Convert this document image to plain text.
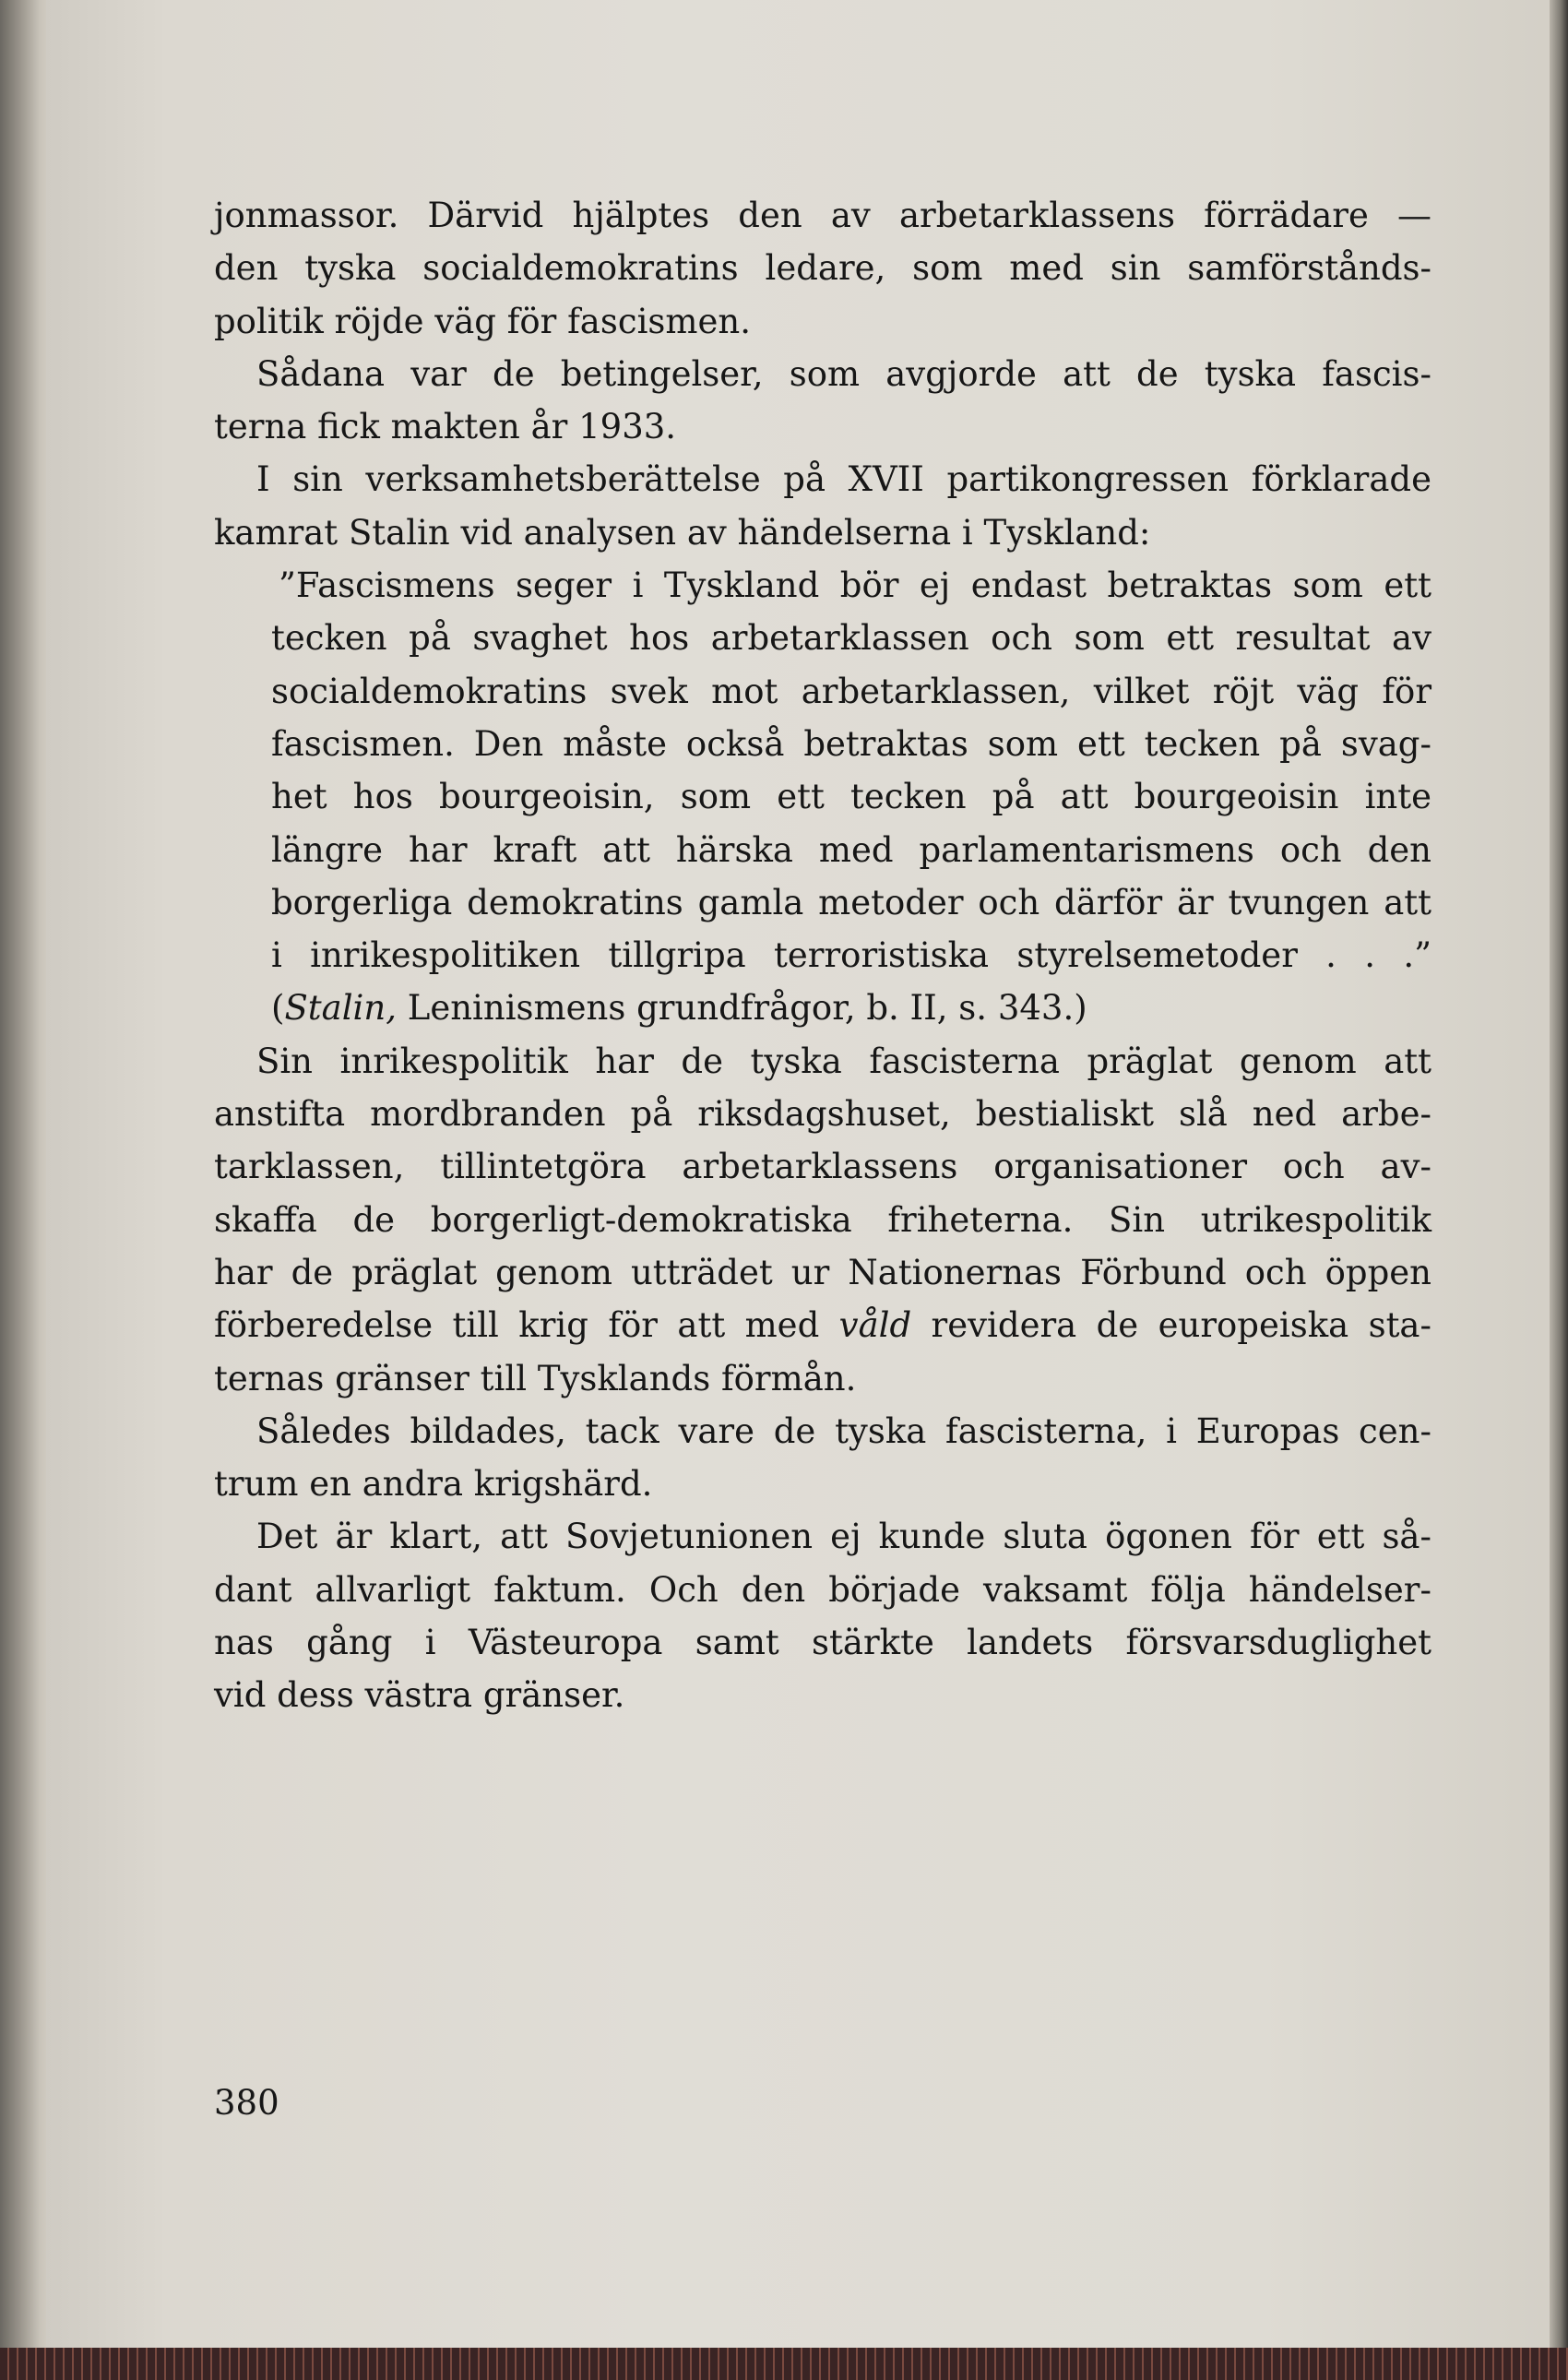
jonmassor. Därvid hjälptes den av arbetarklassens förrädare —
den tyska socialdemokratins ledare, som med sin samförstånds-
politik röjde väg för fascismen.
Sådana var de betingelser, som avgjorde att de tyska fascis-
terna fick makten år 1933.
I sin verksamhetsberättelse på XVII partikongressen förklarade
kamrat Stalin vid analysen av händelserna i Tyskland:
”Fascismens seger i Tyskland bör ej endast betraktas som ett
tecken på svaghet hos arbetarklassen och som ett resultat av
socialdemokratins svek mot arbetarklassen, vilket röjt väg för
fascismen. Den måste också betraktas som ett tecken på svag-
het hos bourgeoisin, som ett tecken på att bourgeoisin inte
längre har kraft att härska med parlamentarismens och den
borgerliga demokratins gamla metoder och därför är tvungen att
i inrikespolitiken tillgripa terroristiska styrelsemetoder . . .”
(Stalin, Leninismens grundfrågor, b. II, s. 343.)
Sin inrikespolitik har de tyska fascisterna präglat genom att
anstifta mordbranden på riksdagshuset, bestialiskt slå ned arbe-
tarklassen, tillintetgöra arbetarklassens organisationer och av-
skaffa de borgerligt-demokratiska friheterna. Sin utrikespolitik
har de präglat genom utträdet ur Nationernas Förbund och öppen
förberedelse till krig för att med våld revidera de europeiska sta-
ternas gränser till Tysklands förmån.
Således bildades, tack vare de tyska fascisterna, i Europas cen-
trum en andra krigshärd.
Det är klart, att Sovjetunionen ej kunde sluta ögonen för ett så-
dant allvarligt faktum. Och den började vaksamt följa händelser-
nas gång i Västeuropa samt stärkte landets försvarsduglighet
vid dess västra gränser.
380
